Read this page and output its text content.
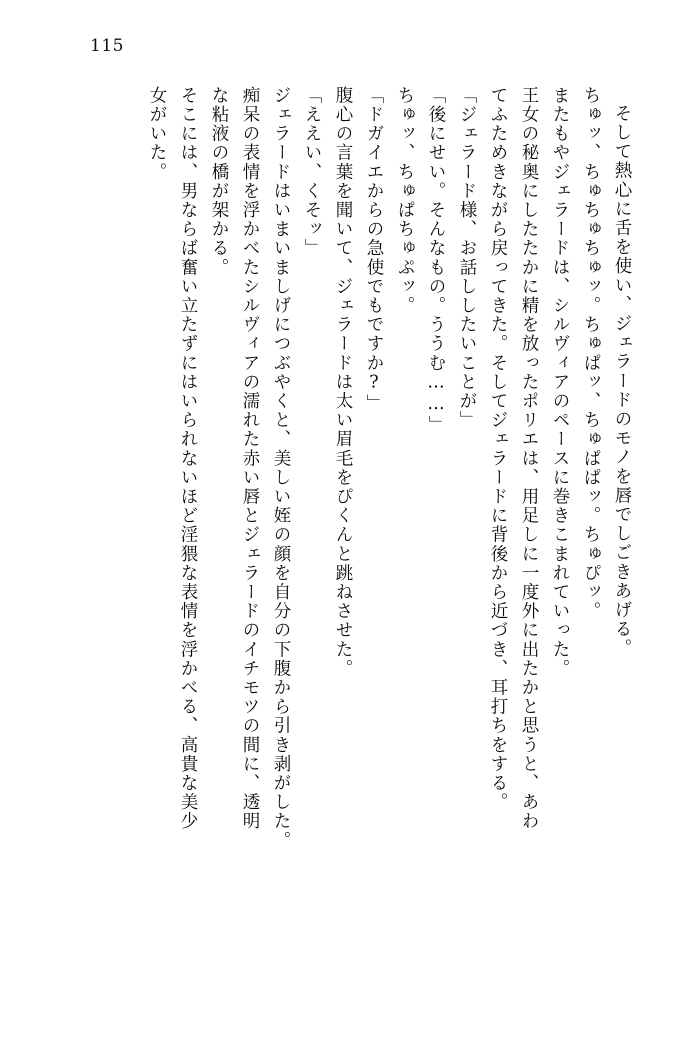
115
そして熱心に舌を使い、ジェラードのモノを唇でしごきあげる。
ちゅッ、ちゅちゅちゅッ。ちゅぱッ、ちゅぱぱッ。ちゅぴッ。
またもやジェラードは、シルヴィアのペースに巻きこまれていった。
王女の秘奥にしたたかに精を放ったポリエは、用足しに一度外に出たかと思うと、あわ
てふためきながら戻ってきた。そしてジェラードに背後から近づき、耳打ちをする。
「ジェラード様、お話ししたいことが」
「後にせい。そんなもの。ううむ……」
ちゅッ、ちゅぱちゅぷッ。
「ドガイエからの急使でもですか?」
腹心の言葉を聞いて、ジェラードは太い眉毛をぴくんと跳ねさせた。
「ええい、くそッ」
ジェラードはいまいましげにつぶやくと、美しい姪の顔を自分の下腹から引き剥がした。
痴呆の表情を浮かべたシルヴィアの濡れた赤い唇とジェラードのイチモツの間に、透明
な粘液の橋が架かる。
そこには、男ならば奮い立たずにはいられないほど淫猥な表情を浮かべる、高貴な美少
女がいた。
